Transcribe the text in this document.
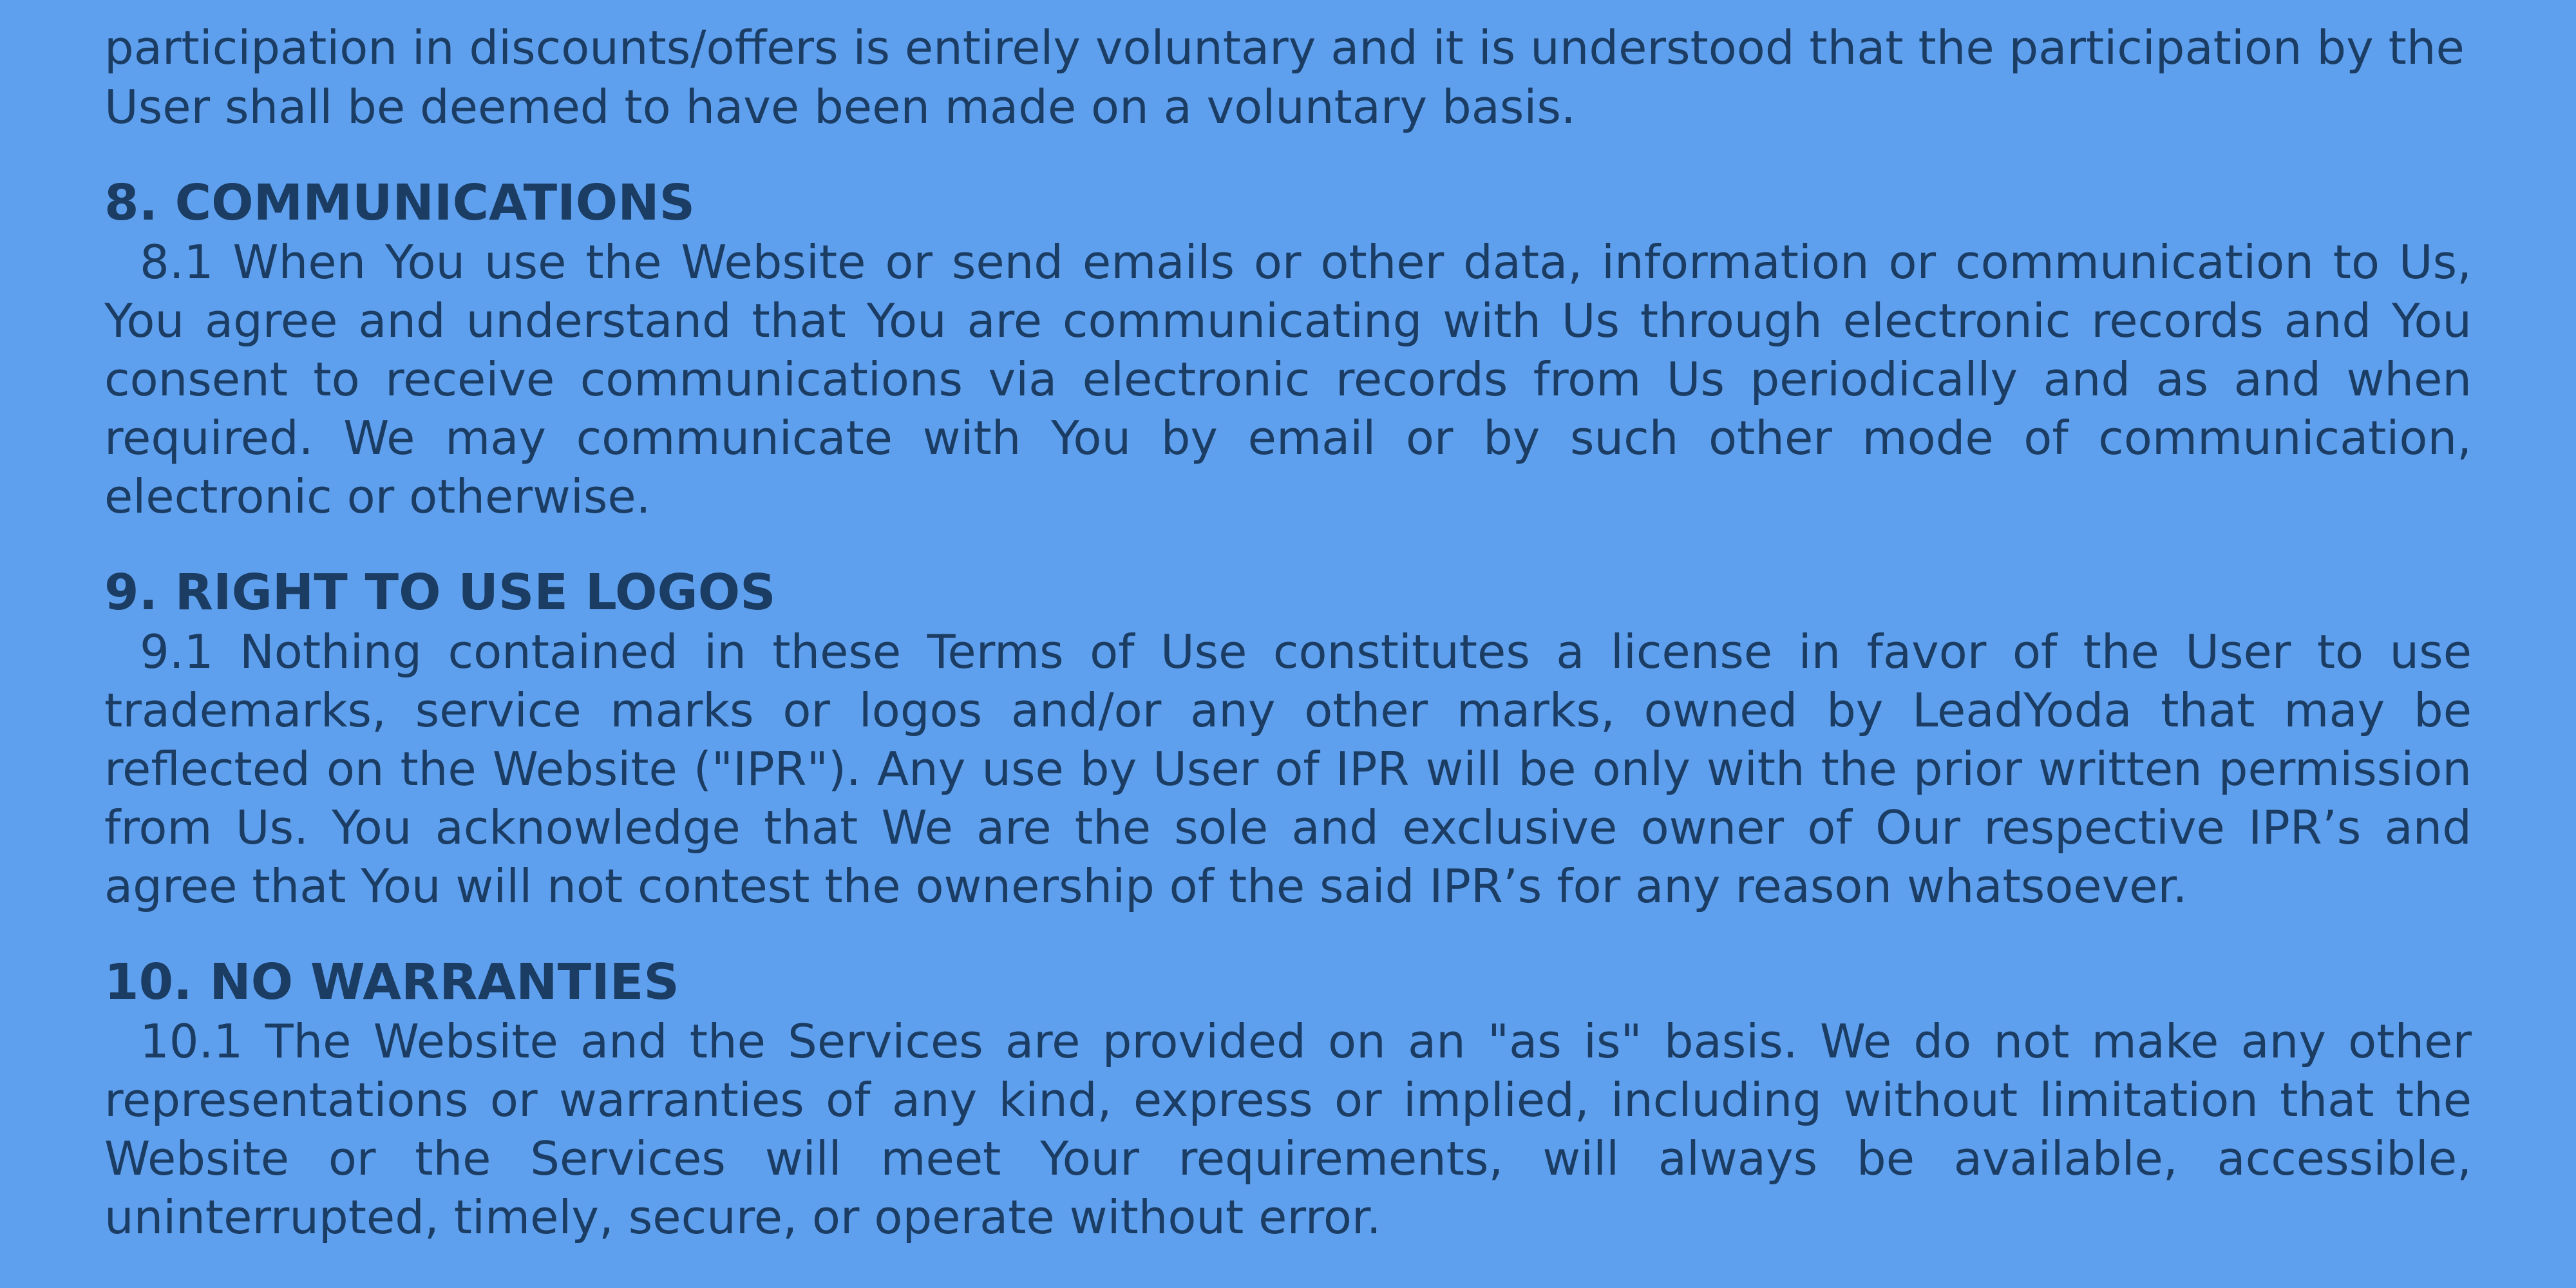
participation in discounts/offers is entirely voluntary and it is understood that the participation by the User shall be deemed to have been made on a voluntary basis.

8. COMMUNICATIONS

8.1 When You use the Website or send emails or other data, information or communication to Us, You agree and understand that You are communicating with Us through electronic records and You consent to receive communications via electronic records from Us periodically and as and when required. We may communicate with You by email or by such other mode of communication, electronic or otherwise.

9. RIGHT TO USE LOGOS

9.1 Nothing contained in these Terms of Use constitutes a license in favor of the User to use trademarks, service marks or logos and/or any other marks, owned by LeadYoda that may be reflected on the Website ("IPR"). Any use by User of IPR will be only with the prior written permission from Us. You acknowledge that We are the sole and exclusive owner of Our respective IPR’s and agree that You will not contest the ownership of the said IPR’s for any reason whatsoever.

10. NO WARRANTIES

10.1 The Website and the Services are provided on an "as is" basis. We do not make any other representations or warranties of any kind, express or implied, including without limitation that the Website or the Services will meet Your requirements, will always be available, accessible, uninterrupted, timely, secure, or operate without error.
